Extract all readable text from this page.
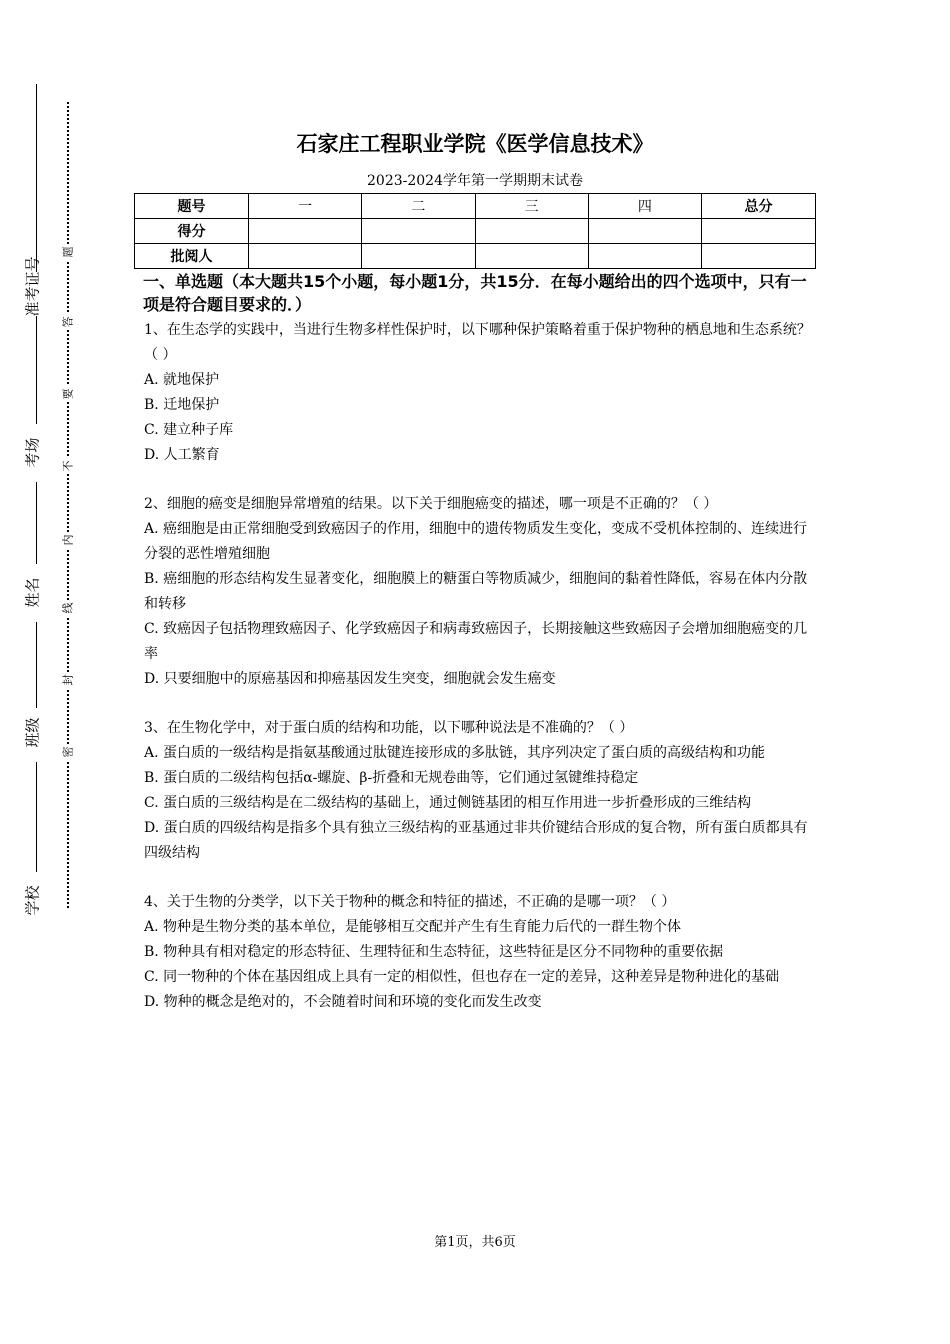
准考证号
考场
姓名
班级
学校
题
答
要
不
内
线
封
密
石家庄工程职业学院《医学信息技术》
2023-2024学年第一学期期末试卷
题号	一	二	三	四	总分
得分					
批阅人					
一、单选题（本大题共15个小题，每小题1分，共15分．在每小题给出的四个选项中，只有一项是符合题目要求的．）

1、在生态学的实践中，当进行生物多样性保护时，以下哪种保护策略着重于保护物种的栖息地和生态系统？（ ）

A. 就地保护

B. 迁地保护

C. 建立种子库

D. 人工繁育

2、细胞的癌变是细胞异常增殖的结果。以下关于细胞癌变的描述，哪一项是不正确的？（ ）

A. 癌细胞是由正常细胞受到致癌因子的作用，细胞中的遗传物质发生变化，变成不受机体控制的、连续进行分裂的恶性增殖细胞

B. 癌细胞的形态结构发生显著变化，细胞膜上的糖蛋白等物质减少，细胞间的黏着性降低，容易在体内分散和转移

C. 致癌因子包括物理致癌因子、化学致癌因子和病毒致癌因子，长期接触这些致癌因子会增加细胞癌变的几率

D. 只要细胞中的原癌基因和抑癌基因发生突变，细胞就会发生癌变

3、在生物化学中，对于蛋白质的结构和功能，以下哪种说法是不准确的？（ ）

A. 蛋白质的一级结构是指氨基酸通过肽键连接形成的多肽链，其序列决定了蛋白质的高级结构和功能

B. 蛋白质的二级结构包括α-螺旋、β-折叠和无规卷曲等，它们通过氢键维持稳定

C. 蛋白质的三级结构是在二级结构的基础上，通过侧链基团的相互作用进一步折叠形成的三维结构

D. 蛋白质的四级结构是指多个具有独立三级结构的亚基通过非共价键结合形成的复合物，所有蛋白质都具有四级结构

4、关于生物的分类学，以下关于物种的概念和特征的描述，不正确的是哪一项？（ ）

A. 物种是生物分类的基本单位，是能够相互交配并产生有生育能力后代的一群生物个体

B. 物种具有相对稳定的形态特征、生理特征和生态特征，这些特征是区分不同物种的重要依据

C. 同一物种的个体在基因组成上具有一定的相似性，但也存在一定的差异，这种差异是物种进化的基础

D. 物种的概念是绝对的，不会随着时间和环境的变化而发生改变

第1页，共6页
